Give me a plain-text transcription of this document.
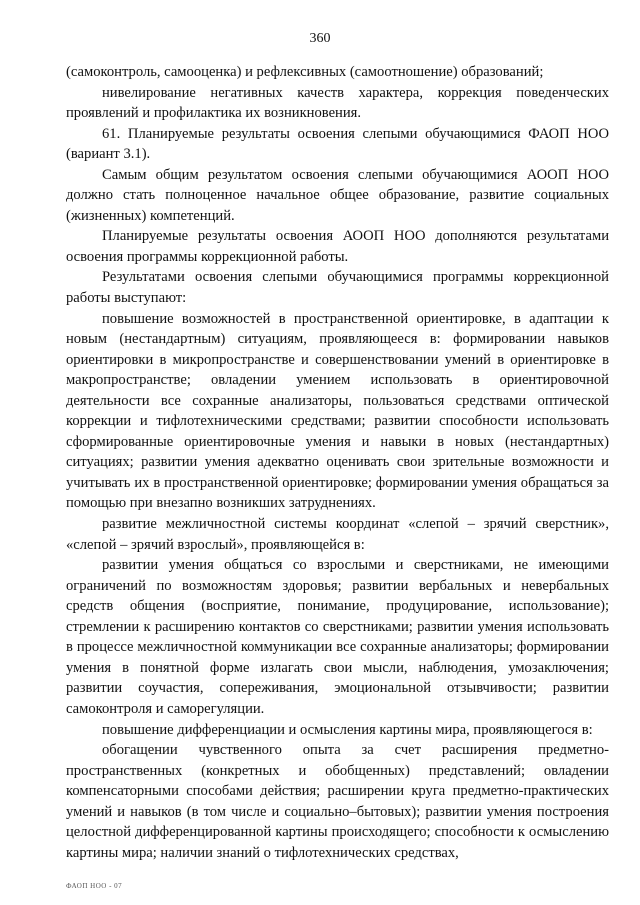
360

(самоконтроль, самооценка) и рефлексивных (самоотношение) образований;

нивелирование негативных качеств характера, коррекция поведенческих проявлений и профилактика их возникновения.

61. Планируемые результаты освоения слепыми обучающимися ФАОП НОО (вариант 3.1).

Самым общим результатом освоения слепыми обучающимися АООП НОО должно стать полноценное начальное общее образование, развитие социальных (жизненных) компетенций.

Планируемые результаты освоения АООП НОО дополняются результатами освоения программы коррекционной работы.

Результатами освоения слепыми обучающимися программы коррекционной работы выступают:

повышение возможностей в пространственной ориентировке, в адаптации к новым (нестандартным) ситуациям, проявляющееся в: формировании навыков ориентировки в микропространстве и совершенствовании умений в ориентировке в макропространстве; овладении умением использовать в ориентировочной деятельности все сохранные анализаторы, пользоваться средствами оптической коррекции и тифлотехническими средствами; развитии способности использовать сформированные ориентировочные умения и навыки в новых (нестандартных) ситуациях; развитии умения адекватно оценивать свои зрительные возможности и учитывать их в пространственной ориентировке; формировании умения обращаться за помощью при внезапно возникших затруднениях.

развитие межличностной системы координат «слепой – зрячий сверстник», «слепой – зрячий взрослый», проявляющейся в:

развитии умения общаться со взрослыми и сверстниками, не имеющими ограничений по возможностям здоровья; развитии вербальных и невербальных средств общения (восприятие, понимание, продуцирование, использование); стремлении к расширению контактов со сверстниками; развитии умения использовать в процессе межличностной коммуникации все сохранные анализаторы; формировании умения в понятной форме излагать свои мысли, наблюдения, умозаключения; развитии соучастия, сопереживания, эмоциональной отзывчивости; развитии самоконтроля и саморегуляции.

повышение дифференциации и осмысления картины мира, проявляющегося в:

обогащении чувственного опыта за счет расширения предметно-пространственных (конкретных и обобщенных) представлений; овладении компенсаторными способами действия; расширении круга предметно-практических умений и навыков (в том числе и социально–бытовых); развитии умения построения целостной дифференцированной картины происходящего; способности к осмыслению картины мира; наличии знаний о тифлотехнических средствах,

ФАОП НОО - 07
